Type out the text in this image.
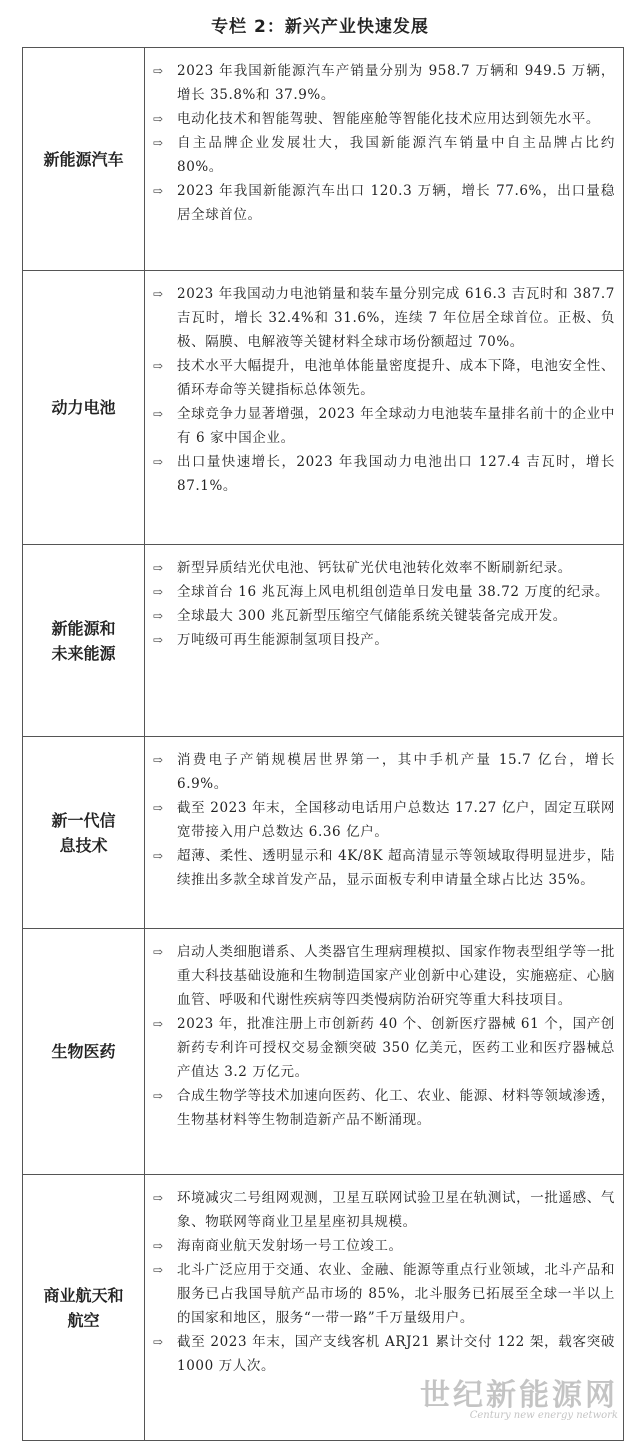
专栏 2：新兴产业快速发展
新能源汽车
⇨ 2023 年我国新能源汽车产销量分别为 958.7 万辆和 949.5 万辆，增长 35.8%和 37.9%。
⇨ 电动化技术和智能驾驶、智能座舱等智能化技术应用达到领先水平。
⇨ 自主品牌企业发展壮大，我国新能源汽车销量中自主品牌占比约 80%。
⇨ 2023 年我国新能源汽车出口 120.3 万辆，增长 77.6%，出口量稳居全球首位。
动力电池
⇨ 2023 年我国动力电池销量和装车量分别完成 616.3 吉瓦时和 387.7 吉瓦时，增长 32.4%和 31.6%，连续 7 年位居全球首位。正极、负极、隔膜、电解液等关键材料全球市场份额超过 70%。
⇨ 技术水平大幅提升，电池单体能量密度提升、成本下降，电池安全性、循环寿命等关键指标总体领先。
⇨ 全球竞争力显著增强，2023 年全球动力电池装车量排名前十的企业中有 6 家中国企业。
⇨ 出口量快速增长，2023 年我国动力电池出口 127.4 吉瓦时，增长 87.1%。
新能源和未来能源
⇨ 新型异质结光伏电池、钙钛矿光伏电池转化效率不断刷新纪录。
⇨ 全球首台 16 兆瓦海上风电机组创造单日发电量 38.72 万度的纪录。
⇨ 全球最大 300 兆瓦新型压缩空气储能系统关键装备完成开发。
⇨ 万吨级可再生能源制氢项目投产。
新一代信息技术
⇨ 消费电子产销规模居世界第一，其中手机产量 15.7 亿台，增长 6.9%。
⇨ 截至 2023 年末，全国移动电话用户总数达 17.27 亿户，固定互联网宽带接入用户总数达 6.36 亿户。
⇨ 超薄、柔性、透明显示和 4K/8K 超高清显示等领域取得明显进步，陆续推出多款全球首发产品，显示面板专利申请量全球占比达 35%。
生物医药
⇨ 启动人类细胞谱系、人类器官生理病理模拟、国家作物表型组学等一批重大科技基础设施和生物制造国家产业创新中心建设，实施癌症、心脑血管、呼吸和代谢性疾病等四类慢病防治研究等重大科技项目。
⇨ 2023 年，批准注册上市创新药 40 个、创新医疗器械 61 个，国产创新药专利许可授权交易金额突破 350 亿美元，医药工业和医疗器械总产值达 3.2 万亿元。
⇨ 合成生物学等技术加速向医药、化工、农业、能源、材料等领域渗透，生物基材料等生物制造新产品不断涌现。
商业航天和航空
⇨ 环境减灾二号组网观测，卫星互联网试验卫星在轨测试，一批遥感、气象、物联网等商业卫星星座初具规模。
⇨ 海南商业航天发射场一号工位竣工。
⇨ 北斗广泛应用于交通、农业、金融、能源等重点行业领域，北斗产品和服务已占我国导航产品市场的 85%，北斗服务已拓展至全球一半以上的国家和地区，服务“一带一路”千万量级用户。
⇨ 截至 2023 年末，国产支线客机 ARJ21 累计交付 122 架，载客突破 1000 万人次。
世纪新能源网
Century new energy network
